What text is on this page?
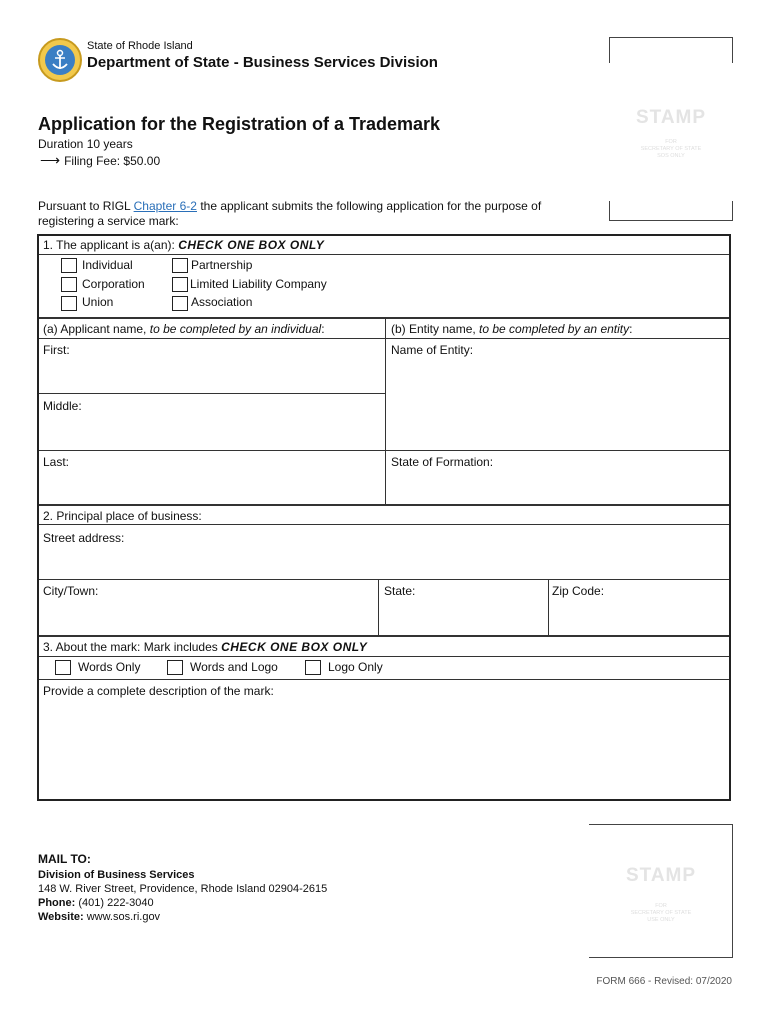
State of Rhode Island
Department of State - Business Services Division
Application for the Registration of a Trademark
Duration 10 years
⟶ Filing Fee: $50.00
STAMP
FOR
SECRETARY OF STATE
SOS ONLY
Pursuant to RIGL Chapter 6-2 the applicant submits the following application for the purpose of registering a service mark:
1. The applicant is a(an): CHECK ONE BOX ONLY
Individual	Partnership
Corporation	Limited Liability Company
Union	Association
(a) Applicant name, to be completed by an individual:	(b) Entity name, to be completed by an entity:
First:	Name of Entity:
Middle:
Last:	State of Formation:
2. Principal place of business:
Street address:
City/Town:	State:	Zip Code:
3. About the mark: Mark includes CHECK ONE BOX ONLY
Words Only	Words and Logo	Logo Only
Provide a complete description of the mark:
STAMP
FOR
SECRETARY OF STATE
USE ONLY
MAIL TO:
Division of Business Services
148 W. River Street, Providence, Rhode Island 02904-2615
Phone: (401) 222-3040
Website: www.sos.ri.gov
FORM 666 - Revised: 07/2020
